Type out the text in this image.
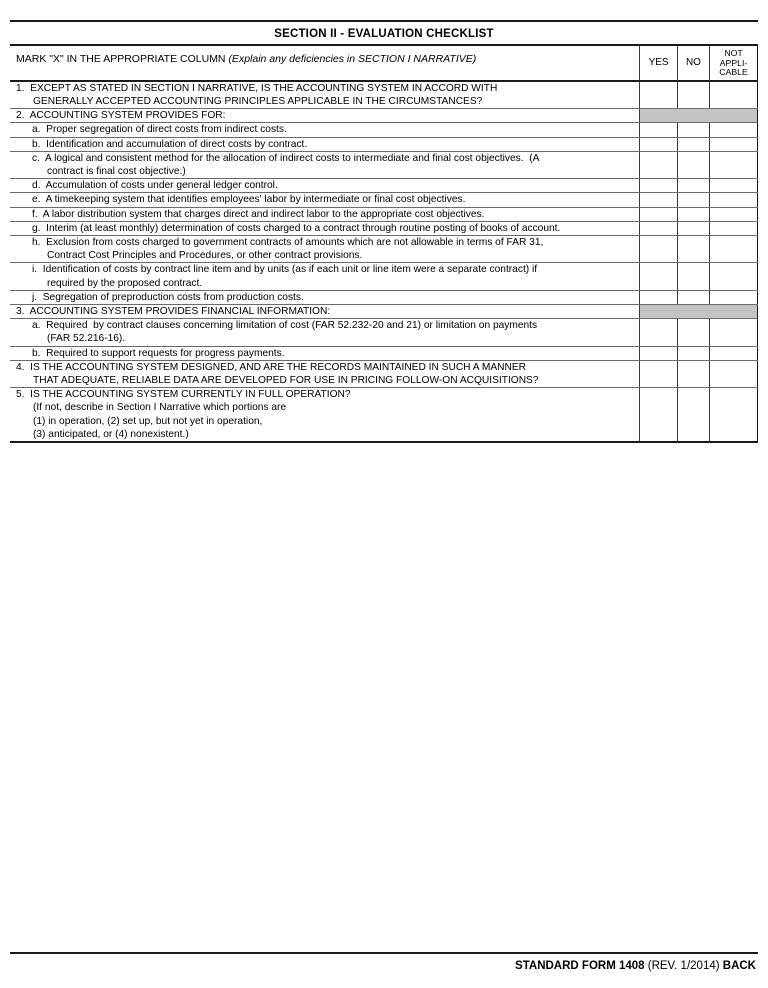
SECTION II - EVALUATION CHECKLIST
MARK "X" IN THE APPROPRIATE COLUMN (Explain any deficiencies in SECTION I NARRATIVE)	YES	NO	NOT
APPLI-
CABLE

1.  EXCEPT AS STATED IN SECTION I NARRATIVE, IS THE ACCOUNTING SYSTEM IN ACCORD WITH
GENERALLY ACCEPTED ACCOUNTING PRINCIPLES APPLICABLE IN THE CIRCUMSTANCES?			

2.  ACCOUNTING SYSTEM PROVIDES FOR:			

a.  Proper segregation of direct costs from indirect costs.			

b.  Identification and accumulation of direct costs by contract.			

c.  A logical and consistent method for the allocation of indirect costs to intermediate and final cost objectives.  (A
contract is final cost objective.)			

d.  Accumulation of costs under general ledger control.			

e.  A timekeeping system that identifies employees' labor by intermediate or final cost objectives.			

f.  A labor distribution system that charges direct and indirect labor to the appropriate cost objectives.			

g.  Interim (at least monthly) determination of costs charged to a contract through routine posting of books of account.			

h.  Exclusion from costs charged to government contracts of amounts which are not allowable in terms of FAR 31,
Contract Cost Principles and Procedures, or other contract provisions.			

i.  Identification of costs by contract line item and by units (as if each unit or line item were a separate contract) if
required by the proposed contract.			

j.  Segregation of preproduction costs from production costs.			

3.  ACCOUNTING SYSTEM PROVIDES FINANCIAL INFORMATION:			

a.  Required  by contract clauses concerning limitation of cost (FAR 52.232-20 and 21) or limitation on payments
(FAR 52.216-16).			

b.  Required to support requests for progress payments.			

4.  IS THE ACCOUNTING SYSTEM DESIGNED, AND ARE THE RECORDS MAINTAINED IN SUCH A MANNER
THAT ADEQUATE, RELIABLE DATA ARE DEVELOPED FOR USE IN PRICING FOLLOW-ON ACQUISITIONS?			

5.  IS THE ACCOUNTING SYSTEM CURRENTLY IN FULL OPERATION?
(If not, describe in Section I Narrative which portions are
(1) in operation, (2) set up, but not yet in operation,
(3) anticipated, or (4) nonexistent.)			

STANDARD FORM 1408 (REV. 1/2014) BACK
